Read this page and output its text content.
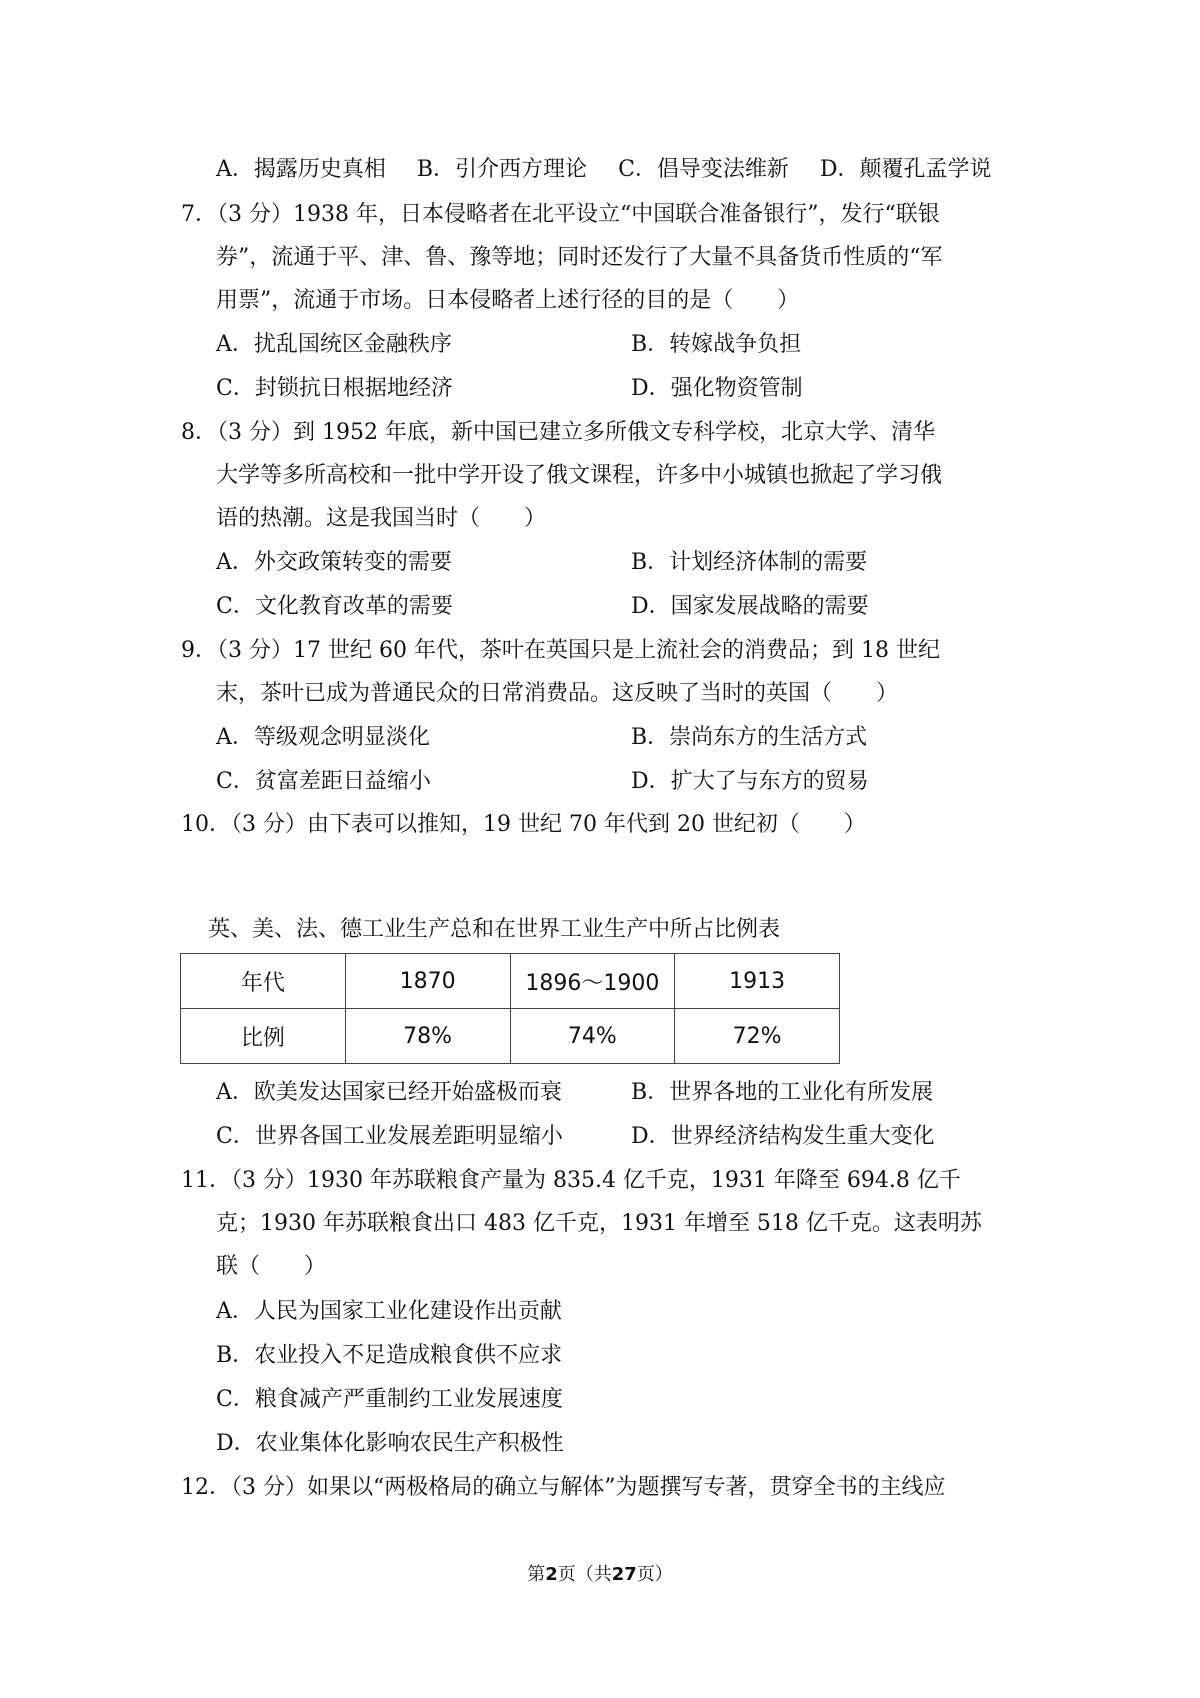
A．揭露历史真相 B．引介西方理论 C．倡导变法维新 D．颠覆孔孟学说
7．（3 分）1938 年，日本侵略者在北平设立“中国联合准备银行”，发行“联银
券”，流通于平、津、鲁、豫等地；同时还发行了大量不具备货币性质的“军
用票”，流通于市场。日本侵略者上述行径的目的是（　　）
A．扰乱国统区金融秩序	B．转嫁战争负担
C．封锁抗日根据地经济	D．强化物资管制
8．（3 分）到 1952 年底，新中国已建立多所俄文专科学校，北京大学、清华
大学等多所高校和一批中学开设了俄文课程，许多中小城镇也掀起了学习俄
语的热潮。这是我国当时（　　）
A．外交政策转变的需要	B．计划经济体制的需要
C．文化教育改革的需要	D．国家发展战略的需要
9．（3 分）17 世纪 60 年代，茶叶在英国只是上流社会的消费品；到 18 世纪
末，茶叶已成为普通民众的日常消费品。这反映了当时的英国（　　）
A．等级观念明显淡化	B．崇尚东方的生活方式
C．贫富差距日益缩小	D．扩大了与东方的贸易
10．（3 分）由下表可以推知，19 世纪 70 年代到 20 世纪初（　　）
英、美、法、德工业生产总和在世界工业生产中所占比例表
年代	1870	1896～1900	1913
比例	78%	74%	72%
A．欧美发达国家已经开始盛极而衰	B．世界各地的工业化有所发展
C．世界各国工业发展差距明显缩小	D．世界经济结构发生重大变化
11．（3 分）1930 年苏联粮食产量为 835.4 亿千克，1931 年降至 694.8 亿千
克；1930 年苏联粮食出口 483 亿千克，1931 年增至 518 亿千克。这表明苏
联（　　）
A．人民为国家工业化建设作出贡献
B．农业投入不足造成粮食供不应求
C．粮食减产严重制约工业发展速度
D．农业集体化影响农民生产积极性
12．（3 分）如果以“两极格局的确立与解体”为题撰写专著，贯穿全书的主线应
第2页（共27页）
